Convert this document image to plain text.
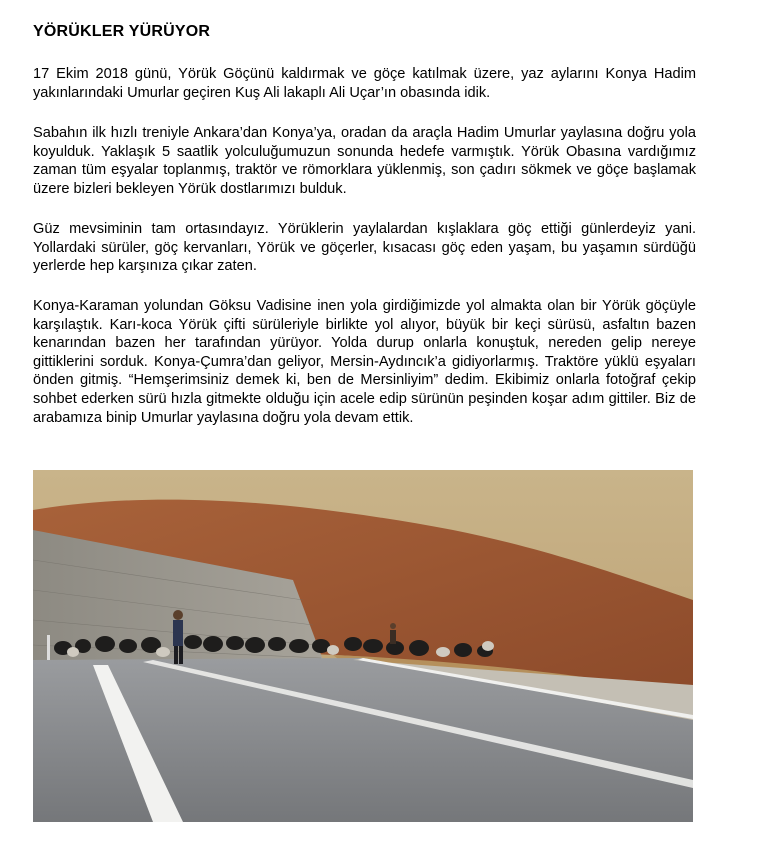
YÖRÜKLER YÜRÜYOR

17 Ekim 2018 günü, Yörük Göçünü kaldırmak ve göçe katılmak üzere, yaz aylarını Konya Hadim yakınlarındaki Umurlar geçiren Kuş Ali lakaplı Ali Uçar’ın obasında idik.

Sabahın ilk hızlı treniyle Ankara’dan Konya’ya, oradan da araçla Hadim Umurlar yaylasına doğru yola koyulduk. Yaklaşık 5 saatlik yolculuğumuzun sonunda hedefe varmıştık. Yörük Obasına vardığımız zaman tüm eşyalar toplanmış, traktör ve römorklara yüklenmiş, son çadırı sökmek ve göçe başlamak üzere bizleri bekleyen Yörük dostlarımızı bulduk.

Güz mevsiminin tam ortasındayız. Yörüklerin yaylalardan kışlaklara göç ettiği günlerdeyiz yani. Yollardaki sürüler, göç kervanları, Yörük ve göçerler, kısacası göç eden yaşam, bu yaşamın sürdüğü yerlerde hep karşınıza çıkar zaten.

Konya-Karaman yolundan Göksu Vadisine inen yola girdiğimizde yol almakta olan bir Yörük göçüyle karşılaştık. Karı-koca Yörük çifti sürüleriyle birlikte yol alıyor, büyük bir keçi sürüsü, asfaltın bazen kenarından bazen her tarafından yürüyor. Yolda durup onlarla konuştuk, nereden gelip nereye gittiklerini sorduk. Konya-Çumra’dan geliyor, Mersin-Aydıncık’a gidiyorlarmış. Traktöre yüklü eşyaları önden gitmiş. “Hemşerimsiniz demek ki, ben de Mersinliyim” dedim. Ekibimiz onlarla fotoğraf çekip sohbet ederken sürü hızla gitmekte olduğu için acele edip sürünün peşinden koşar adım gittiler. Biz de arabamıza binip Umurlar yaylasına doğru yola devam ettik.
